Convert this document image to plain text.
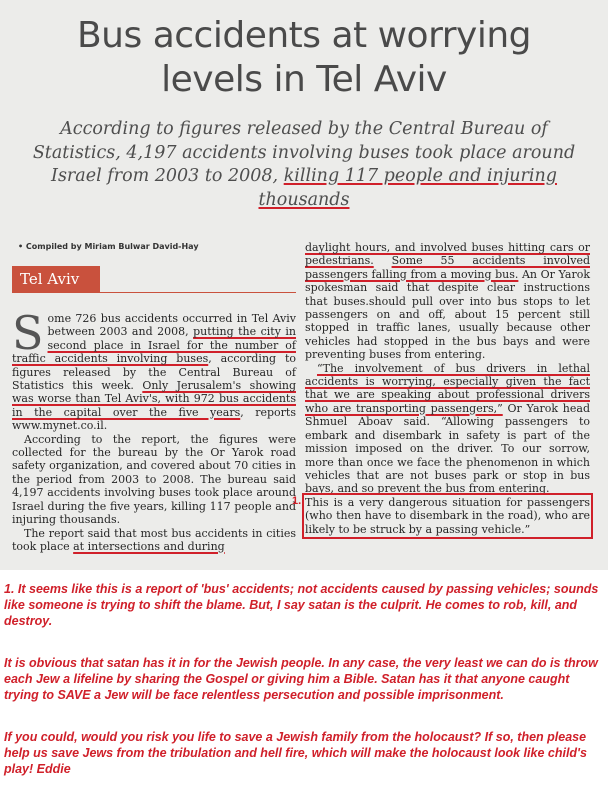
Bus accidents at worrying
levels in Tel Aviv
According to figures released by the Central Bureau of Statistics, 4,197 accidents involving buses took place around Israel from 2003 to 2008, killing 117 people and injuring thousands
• Compiled by Miriam Bulwar David-Hay
Tel Aviv

Some 726 bus accidents occurred in Tel Aviv between 2003 and 2008, putting the city in second place in Israel for the number of traffic accidents involving buses, according to figures released by the Central Bureau of Statistics this week. Only Jerusalem's showing was worse than Tel Aviv's, with 972 bus accidents in the capital over the five years, reports www.mynet.co.il.

According to the report, the figures were collected for the bureau by the Or Yarok road safety organization, and covered about 70 cities in the period from 2003 to 2008. The bureau said 4,197 accidents involving buses took place around Israel during the five years, killing 117 people and injuring thousands.

The report said that most bus accidents in cities took place at intersections and during

daylight hours, and involved buses hitting cars or pedestrians. Some 55 accidents involved passengers falling from a moving bus. An Or Yarok spokesman said that despite clear instructions that buses.should pull over into bus stops to let passengers on and off, about 15 percent still stopped in traffic lanes, usually because other vehicles had stopped in the bus bays and were preventing buses from entering.

“The involvement of bus drivers in lethal accidents is worrying, especially given the fact that we are speaking about professional drivers who are transporting passengers,” Or Yarok head Shmuel Aboav said. “Allowing passengers to embark and disembark in safety is part of the mission imposed on the driver. To our sorrow, more than once we face the phenomenon in which vehicles that are not buses park or stop in bus bays, and so prevent the bus from entering.

This is a very dangerous situation for passengers (who then have to disembark in the road), who are likely to be struck by a passing vehicle.”

1.

1. It seems like this is a report of 'bus' accidents; not accidents caused by passing vehicles; sounds like someone is trying to shift the blame. But, I say satan is the culprit. He comes to rob, kill, and destroy.

It is obvious that satan has it in for the Jewish people. In any case, the very least we can do is throw each Jew a lifeline by sharing the Gospel or giving him a Bible. Satan has it that anyone caught trying to SAVE a Jew will be face relentless persecution and possible imprisonment.

If you could, would you risk you life to save a Jewish family from the holocaust? If so, then please help us save Jews from the tribulation and hell fire, which will make the holocaust look like child's play! Eddie
